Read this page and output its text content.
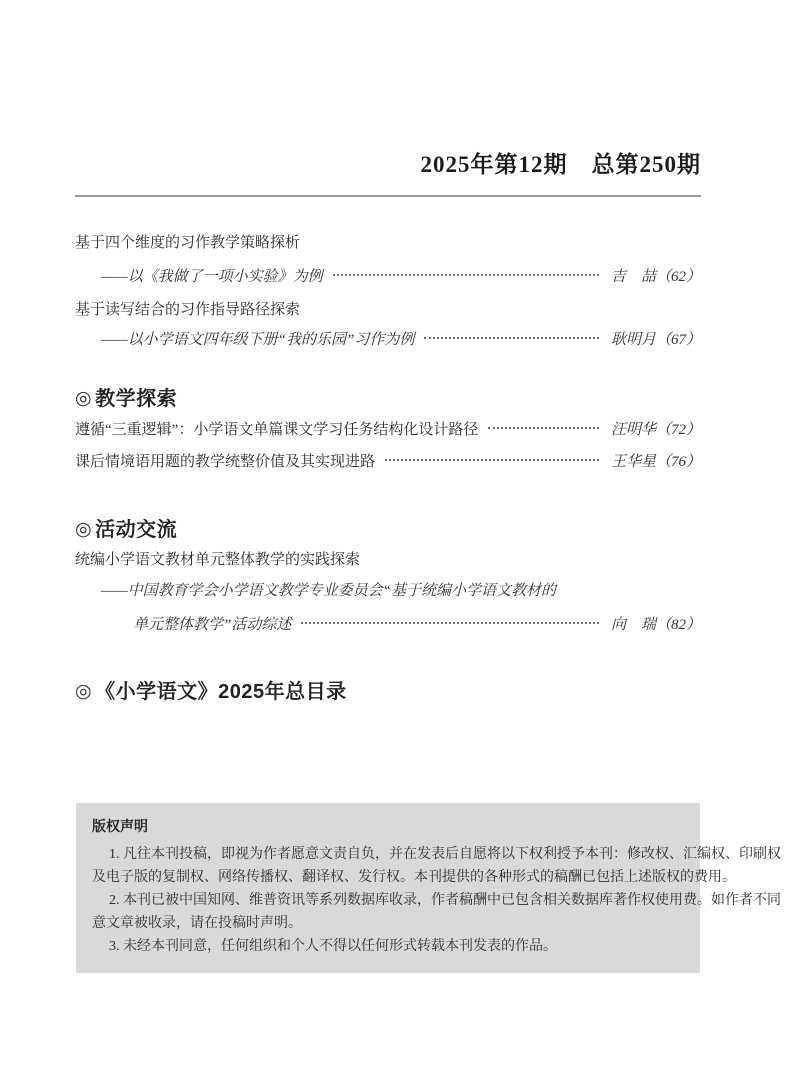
2025年第12期　总第250期
基于四个维度的习作教学策略探析
——以《我做了一项小实验》为例	吉　喆 （62）
基于读写结合的习作指导路径探索
——以小学语文四年级下册“我的乐园”习作为例	耿明月 （67）
◎ 教学探索
遵循“三重逻辑”：小学语文单篇课文学习任务结构化设计路径	汪明华 （72）
课后情境语用题的教学统整价值及其实现进路	王华星 （76）
◎ 活动交流
统编小学语文教材单元整体教学的实践探索
——中国教育学会小学语文教学专业委员会“基于统编小学语文教材的
单元整体教学”活动综述	向　瑞 （82）
◎ 《小学语文》2025年总目录
版权声明
1. 凡往本刊投稿，即视为作者愿意文责自负，并在发表后自愿将以下权利授予本刊：修改权、汇编权、印刷权
及电子版的复制权、网络传播权、翻译权、发行权。本刊提供的各种形式的稿酬已包括上述版权的费用。
2. 本刊已被中国知网、维普资讯等系列数据库收录，作者稿酬中已包含相关数据库著作权使用费。如作者不同
意文章被收录，请在投稿时声明。
3. 未经本刊同意，任何组织和个人不得以任何形式转载本刊发表的作品。
